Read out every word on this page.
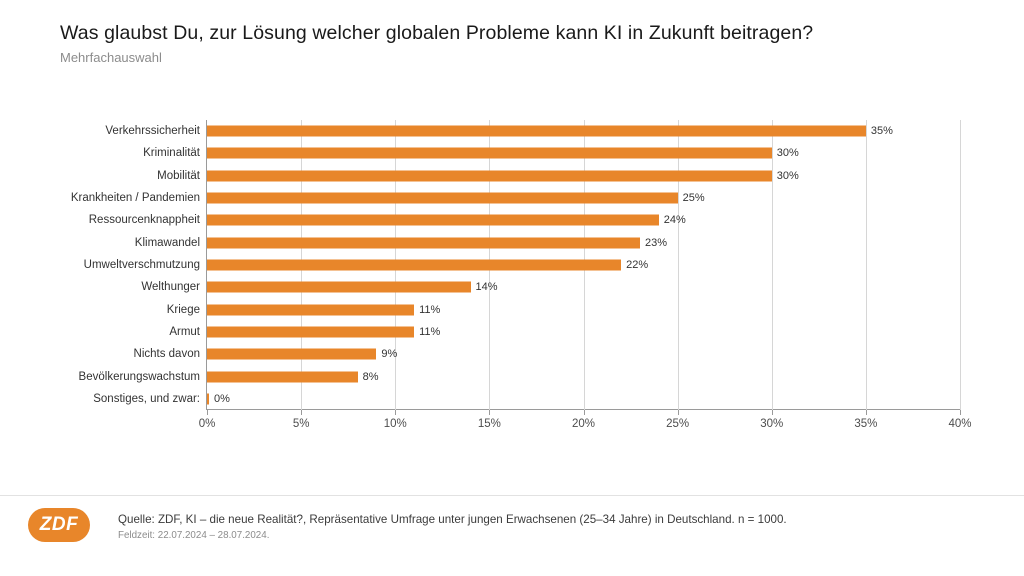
Was glaubst Du, zur Lösung welcher globalen Probleme kann KI in Zukunft beitragen?
Mehrfachauswahl
Verkehrssicherheit
Kriminalität
Mobilität
Krankheiten / Pandemien
Ressourcenknappheit
Klimawandel
Umweltverschmutzung
Welthunger
Kriege
Armut
Nichts davon
Bevölkerungswachstum
Sonstiges, und zwar:
0%	5%	10%	15%	20%	25%	30%	35%	40%
35%
30%
30%
25%
24%
23%
22%
14%
11%
11%
9%
8%
0%
ZDF	Quelle: ZDF, KI – die neue Realität?, Repräsentative Umfrage unter jungen Erwachsenen (25–34 Jahre) in Deutschland. n = 1000.
Feldzeit: 22.07.2024 – 28.07.2024.
